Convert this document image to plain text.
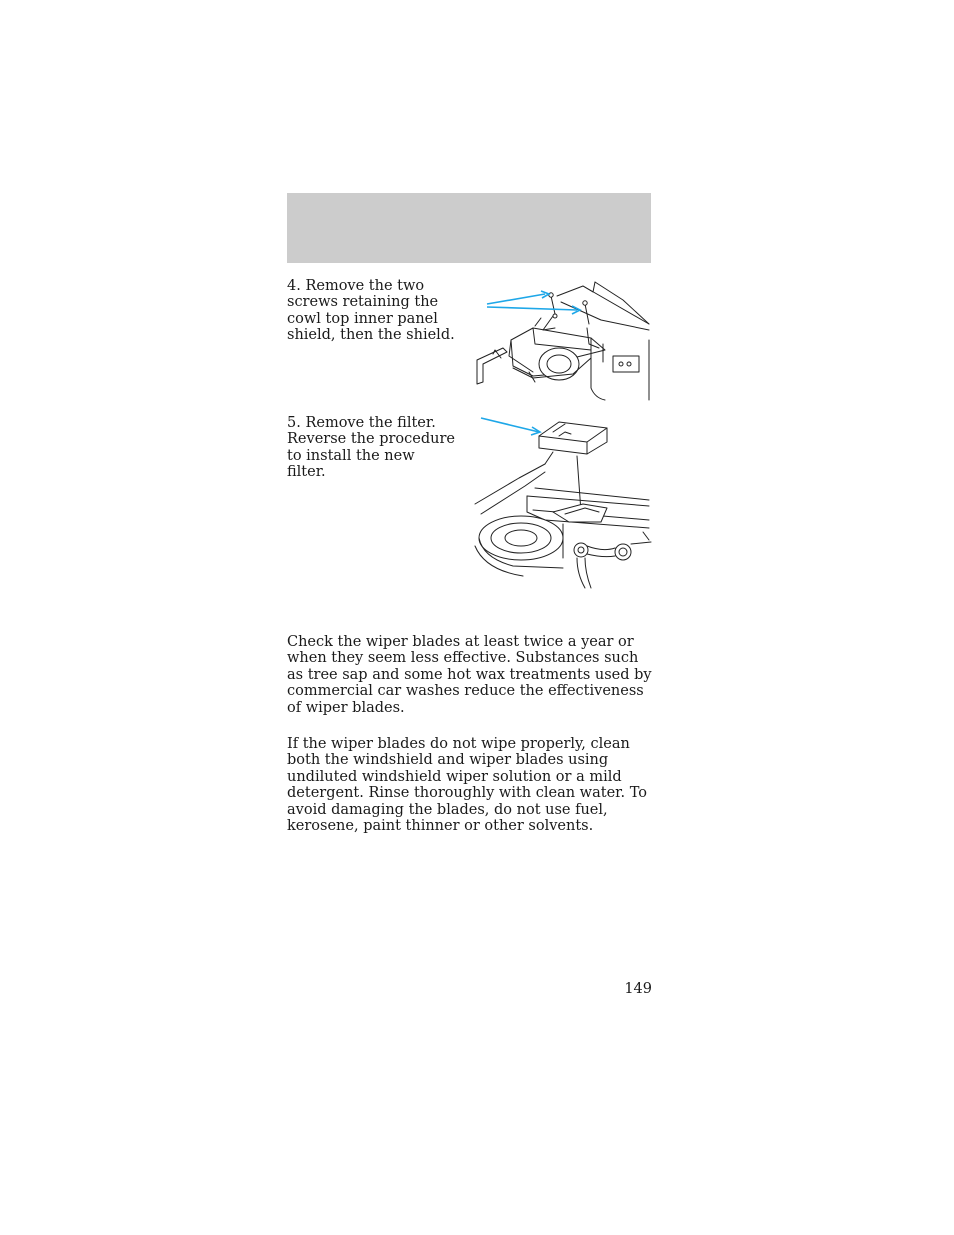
4. Remove the two
screws retaining the
cowl top inner panel
shield, then the shield.
5. Remove the filter.
Reverse the procedure
to install the new filter.
Check the wiper blades at least twice a year or when they seem less effective. Substances such as tree sap and some hot wax treatments used by commercial car washes reduce the effectiveness of wiper blades.
If the wiper blades do not wipe properly, clean both the windshield and wiper blades using undiluted windshield wiper solution or a mild detergent. Rinse thoroughly with clean water. To avoid damaging the blades, do not use fuel, kerosene, paint thinner or other solvents.
149
